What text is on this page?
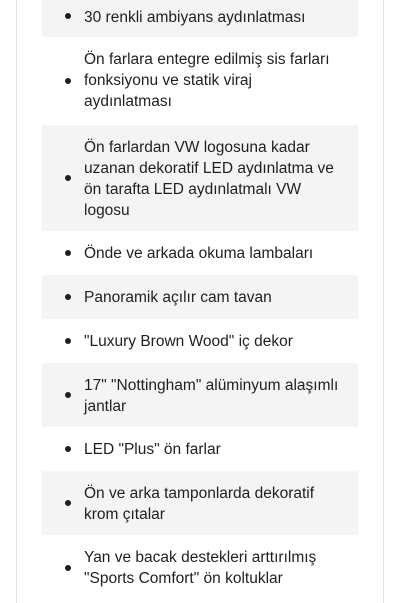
30 renkli ambiyans aydınlatması
Ön farlara entegre edilmiş sis farları fonksiyonu ve statik viraj aydınlatması
Ön farlardan VW logosuna kadar uzanan dekoratif LED aydınlatma ve ön tarafta LED aydınlatmalı VW logosu
Önde ve arkada okuma lambaları
Panoramik açılır cam tavan
"Luxury Brown Wood" iç dekor
17" "Nottingham" alüminyum alaşımlı jantlar
LED "Plus" ön farlar
Ön ve arka tamponlarda dekoratif krom çıtalar
Yan ve bacak destekleri arttırılmış "Sports Comfort" ön koltuklar
